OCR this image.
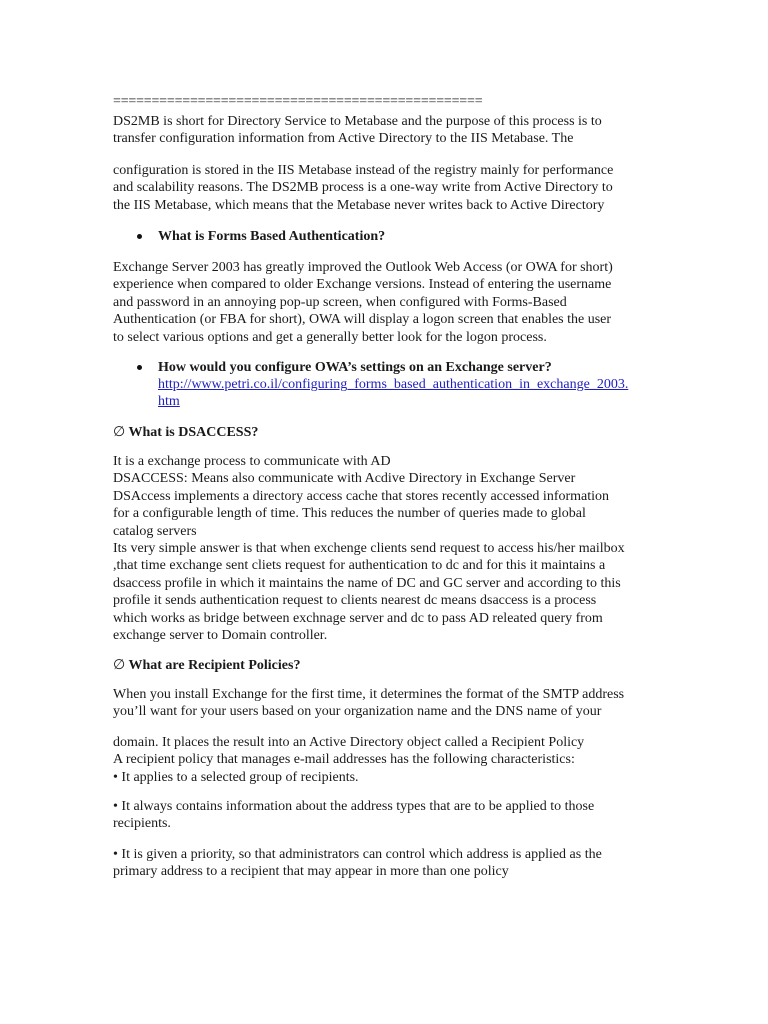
================================================

DS2MB is short for Directory Service to Metabase and the purpose of this process is to
transfer configuration information from Active Directory to the IIS Metabase. The

configuration is stored in the IIS Metabase instead of the registry mainly for performance
and scalability reasons. The DS2MB process is a one-way write from Active Directory to
the IIS Metabase, which means that the Metabase never writes back to Active Directory

What is Forms Based Authentication?

Exchange Server 2003 has greatly improved the Outlook Web Access (or OWA for short)
experience when compared to older Exchange versions. Instead of entering the username
and password in an annoying pop-up screen, when configured with Forms-Based
Authentication (or FBA for short), OWA will display a logon screen that enables the user
to select various options and get a generally better look for the logon process.

How would you configure OWA’s settings on an Exchange server?
http://www.petri.co.il/configuring_forms_based_authentication_in_exchange_2003.
htm
∅ What is DSACCESS?

It is a exchange process to communicate with AD
DSACCESS: Means also communicate with Acdive Directory in Exchange Server
DSAccess implements a directory access cache that stores recently accessed information
for a configurable length of time. This reduces the number of queries made to global
catalog servers
Its very simple answer is that when exchenge clients send request to access his/her mailbox
,that time exchange sent cliets request for authentication to dc and for this it maintains a
dsaccess profile in which it maintains the name of DC and GC server and according to this
profile it sends authentication request to clients nearest dc means dsaccess is a process
which works as bridge between exchnage server and dc to pass AD releated query from
exchange server to Domain controller.

∅ What are Recipient Policies?

When you install Exchange for the first time, it determines the format of the SMTP address
you’ll want for your users based on your organization name and the DNS name of your

domain. It places the result into an Active Directory object called a Recipient Policy
A recipient policy that manages e-mail addresses has the following characteristics:
• It applies to a selected group of recipients.

• It always contains information about the address types that are to be applied to those
recipients.

• It is given a priority, so that administrators can control which address is applied as the
primary address to a recipient that may appear in more than one policy
